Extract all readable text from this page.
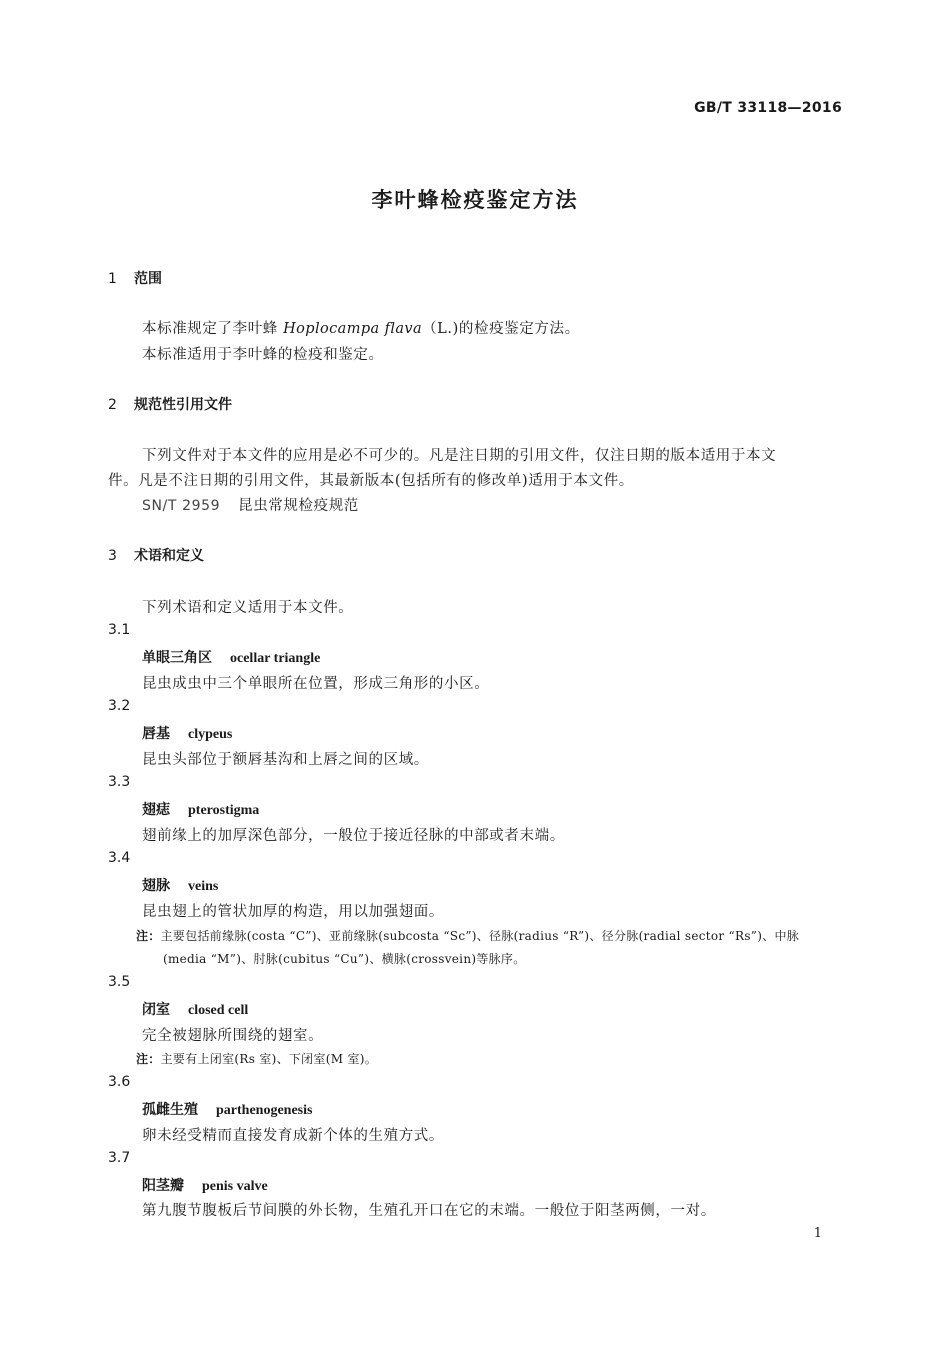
GB/T 33118—2016
李叶蜂检疫鉴定方法
1 范围
本标准规定了李叶蜂 Hoplocampa flava（L.)的检疫鉴定方法。
本标准适用于李叶蜂的检疫和鉴定。
2 规范性引用文件
下列文件对于本文件的应用是必不可少的。凡是注日期的引用文件，仅注日期的版本适用于本文
件。凡是不注日期的引用文件，其最新版本(包括所有的修改单)适用于本文件。
SN/T 2959 昆虫常规检疫规范
3 术语和定义
下列术语和定义适用于本文件。
3.1
单眼三角区 ocellar triangle
昆虫成虫中三个单眼所在位置，形成三角形的小区。
3.2
唇基 clypeus
昆虫头部位于额唇基沟和上唇之间的区域。
3.3
翅痣 pterostigma
翅前缘上的加厚深色部分，一般位于接近径脉的中部或者末端。
3.4
翅脉 veins
昆虫翅上的管状加厚的构造，用以加强翅面。
注：主要包括前缘脉(costa “C”)、亚前缘脉(subcosta “Sc”)、径脉(radius “R”)、径分脉(radial sector “Rs”)、中脉
(media “M”)、肘脉(cubitus “Cu”)、横脉(crossvein)等脉序。
3.5
闭室 closed cell
完全被翅脉所围绕的翅室。
注：主要有上闭室(Rs 室)、下闭室(M 室)。
3.6
孤雌生殖 parthenogenesis
卵未经受精而直接发育成新个体的生殖方式。
3.7
阳茎瓣 penis valve
第九腹节腹板后节间膜的外长物，生殖孔开口在它的末端。一般位于阳茎两侧，一对。
1
